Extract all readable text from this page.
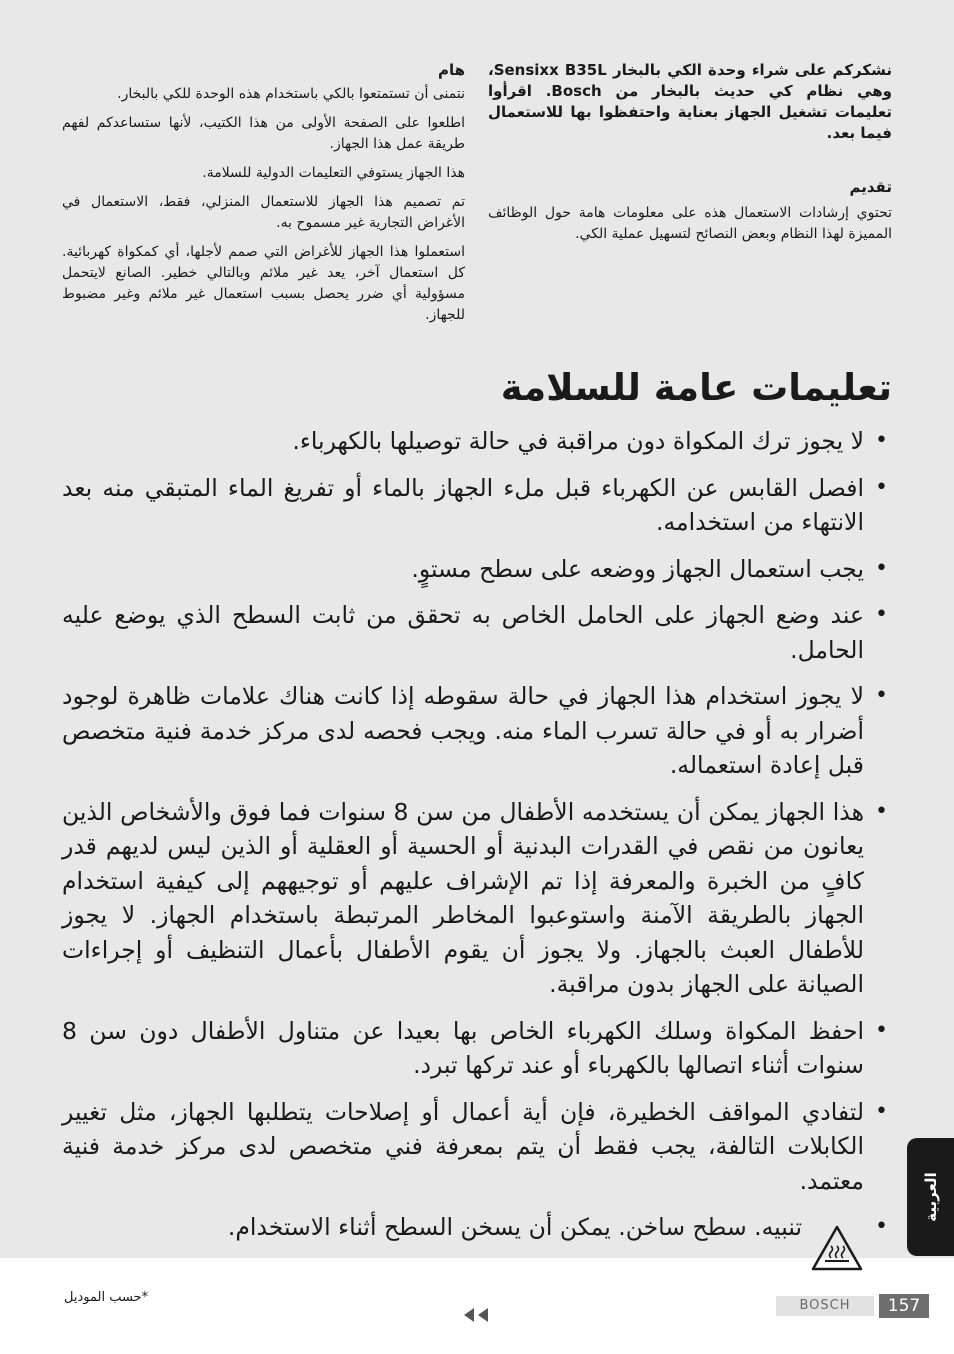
نشكركم على شراء وحدة الكي بالبخار Sensixx B35L، وهي نظام كي حديث بالبخار من Bosch. اقرأوا تعليمات تشغيل الجهاز بعناية واحتفظوا بها للاستعمال فيما بعد.

تقديم

تحتوي إرشادات الاستعمال هذه على معلومات هامة حول الوظائف المميزة لهذا النظام وبعض النصائح لتسهيل عملية الكي.

هام

نتمنى أن تستمتعوا بالكي باستخدام هذه الوحدة للكي بالبخار.

اطلعوا على الصفحة الأولى من هذا الكتيب، لأنها ستساعدكم لفهم طريقة عمل هذا الجهاز.

هذا الجهاز يستوفي التعليمات الدولية للسلامة.

تم تصميم هذا الجهاز للاستعمال المنزلي، فقط، الاستعمال في الأغراض التجارية غير مسموح به.

استعملوا هذا الجهاز للأغراض التي صمم لأجلها، أي كمكواة كهربائية. كل استعمال آخر، يعد غير ملائم وبالتالي خطير. الصانع لايتحمل مسؤولية أي ضرر يحصل بسبب استعمال غير ملائم وغير مضبوط للجهاز.

تعليمات عامة للسلامة
• لا يجوز ترك المكواة دون مراقبة في حالة توصيلها بالكهرباء.
• افصل القابس عن الكهرباء قبل ملء الجهاز بالماء أو تفريغ الماء المتبقي منه بعد الانتهاء من استخدامه.
• يجب استعمال الجهاز ووضعه على سطح مستوٍ.
• عند وضع الجهاز على الحامل الخاص به تحقق من ثابت السطح الذي يوضع عليه الحامل.
• لا يجوز استخدام هذا الجهاز في حالة سقوطه إذا كانت هناك علامات ظاهرة لوجود أضرار به أو في حالة تسرب الماء منه. ويجب فحصه لدى مركز خدمة فنية متخصص قبل إعادة استعماله.
• هذا الجهاز يمكن أن يستخدمه الأطفال من سن 8 سنوات فما فوق والأشخاص الذين يعانون من نقص في القدرات البدنية أو الحسية أو العقلية أو الذين ليس لديهم قدر كافٍ من الخبرة والمعرفة إذا تم الإشراف عليهم أو توجيههم إلى كيفية استخدام الجهاز بالطريقة الآمنة واستوعبوا المخاطر المرتبطة باستخدام الجهاز. لا يجوز للأطفال العبث بالجهاز. ولا يجوز أن يقوم الأطفال بأعمال التنظيف أو إجراءات الصيانة على الجهاز بدون مراقبة.
• احفظ المكواة وسلك الكهرباء الخاص بها بعيدا عن متناول الأطفال دون سن 8 سنوات أثناء اتصالها بالكهرباء أو عند تركها تبرد.
• لتفادي المواقف الخطيرة، فإن أية أعمال أو إصلاحات يتطلبها الجهاز، مثل تغيير الكابلات التالفة، يجب فقط أن يتم بمعرفة فني متخصص لدى مركز خدمة فنية معتمد.
• تنبيه. سطح ساخن. يمكن أن يسخن السطح أثناء الاستخدام.
العربية
*حسب الموديل
BOSCH	157
